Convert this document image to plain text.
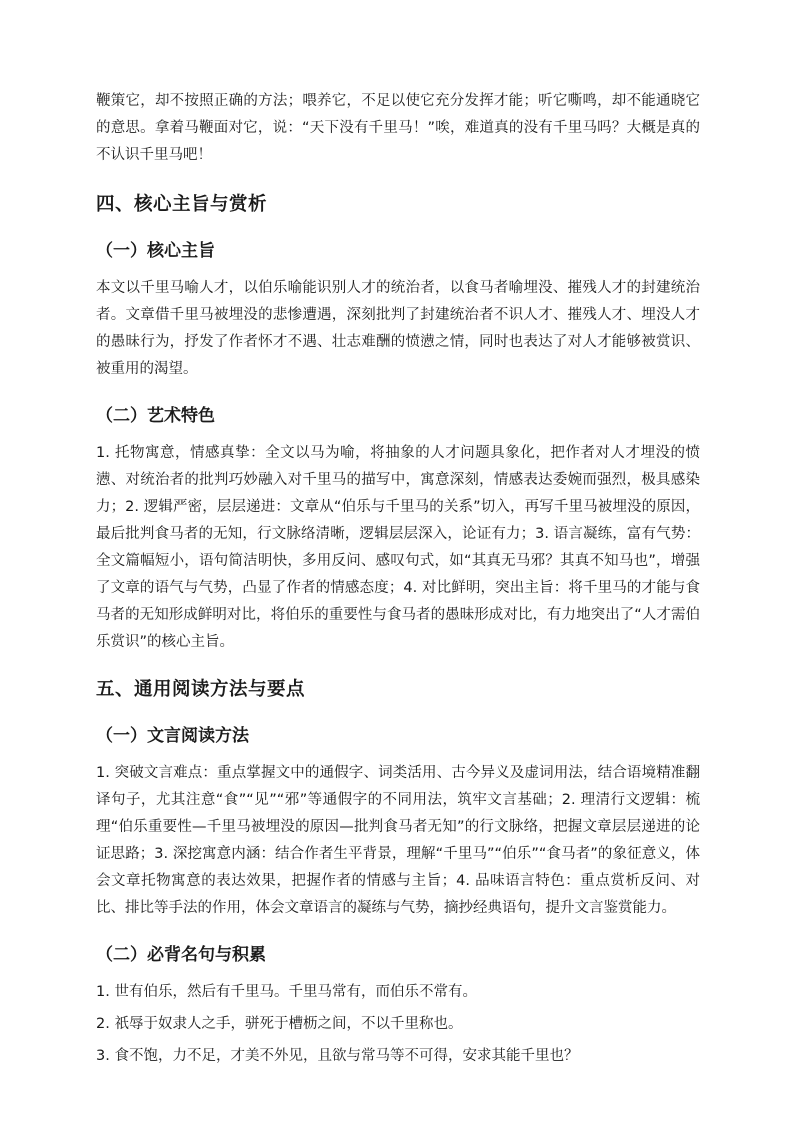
鞭策它，却不按照正确的方法；喂养它，不足以使它充分发挥才能；听它嘶鸣，却不能通晓它的意思。拿着马鞭面对它，说：“天下没有千里马！”唉，难道真的没有千里马吗？大概是真的不认识千里马吧！

四、核心主旨与赏析
（一）核心主旨

本文以千里马喻人才，以伯乐喻能识别人才的统治者，以食马者喻埋没、摧残人才的封建统治者。文章借千里马被埋没的悲惨遭遇，深刻批判了封建统治者不识人才、摧残人才、埋没人才的愚昧行为，抒发了作者怀才不遇、壮志难酬的愤懑之情，同时也表达了对人才能够被赏识、被重用的渴望。

（二）艺术特色

1. 托物寓意，情感真挚：全文以马为喻，将抽象的人才问题具象化，把作者对人才埋没的愤懑、对统治者的批判巧妙融入对千里马的描写中，寓意深刻，情感表达委婉而强烈，极具感染力；2. 逻辑严密，层层递进：文章从“伯乐与千里马的关系”切入，再写千里马被埋没的原因，最后批判食马者的无知，行文脉络清晰，逻辑层层深入，论证有力；3. 语言凝练，富有气势：全文篇幅短小，语句简洁明快，多用反问、感叹句式，如“其真无马邪？其真不知马也”，增强了文章的语气与气势，凸显了作者的情感态度；4. 对比鲜明，突出主旨：将千里马的才能与食马者的无知形成鲜明对比，将伯乐的重要性与食马者的愚昧形成对比，有力地突出了“人才需伯乐赏识”的核心主旨。

五、通用阅读方法与要点
（一）文言阅读方法

1. 突破文言难点：重点掌握文中的通假字、词类活用、古今异义及虚词用法，结合语境精准翻译句子，尤其注意“食”“见”“邪”等通假字的不同用法，筑牢文言基础；2. 理清行文逻辑：梳理“伯乐重要性—千里马被埋没的原因—批判食马者无知”的行文脉络，把握文章层层递进的论证思路；3. 深挖寓意内涵：结合作者生平背景，理解“千里马”“伯乐”“食马者”的象征意义，体会文章托物寓意的表达效果，把握作者的情感与主旨；4. 品味语言特色：重点赏析反问、对比、排比等手法的作用，体会文章语言的凝练与气势，摘抄经典语句，提升文言鉴赏能力。

（二）必背名句与积累

1. 世有伯乐，然后有千里马。千里马常有，而伯乐不常有。

2. 祇辱于奴隶人之手，骈死于槽枥之间，不以千里称也。

3. 食不饱，力不足，才美不外见，且欲与常马等不可得，安求其能千里也？
